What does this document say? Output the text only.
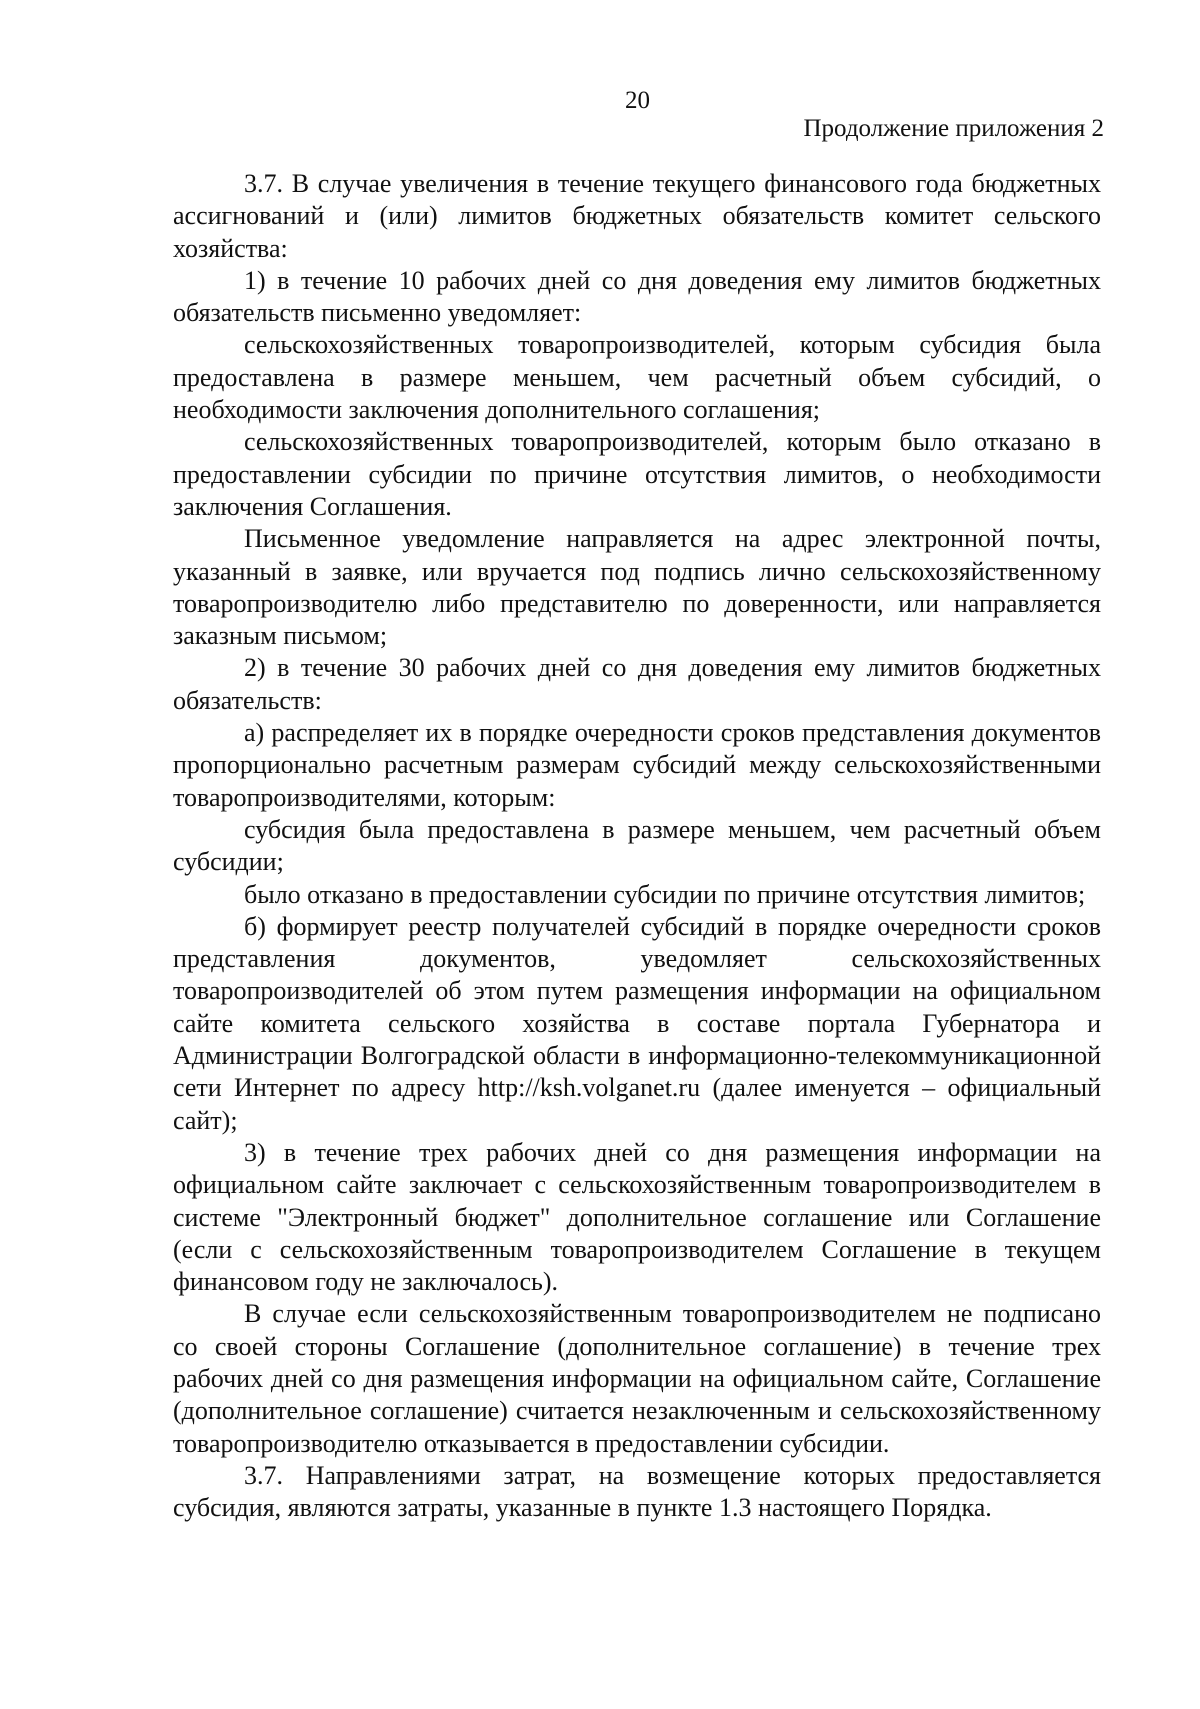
20
Продолжение приложения 2

3.7. В случае увеличения в течение текущего финансового года бюджетных ассигнований и (или) лимитов бюджетных обязательств комитет сельского хозяйства:

1) в течение 10 рабочих дней со дня доведения ему лимитов бюджетных обязательств письменно уведомляет:

сельскохозяйственных товаропроизводителей, которым субсидия была предоставлена в размере меньшем, чем расчетный объем субсидий, о необходимости заключения дополнительного соглашения;

сельскохозяйственных товаропроизводителей, которым было отказано в предоставлении субсидии по причине отсутствия лимитов, о необходимости заключения Соглашения.

Письменное уведомление направляется на адрес электронной почты, указанный в заявке, или вручается под подпись лично сельскохозяйственному товаропроизводителю либо представителю по доверенности, или направляется заказным письмом;

2) в течение 30 рабочих дней со дня доведения ему лимитов бюджетных обязательств:

а) распределяет их в порядке очередности сроков представления документов пропорционально расчетным размерам субсидий между сельскохозяйственными товаропроизводителями, которым:

субсидия была предоставлена в размере меньшем, чем расчетный объем субсидии;

было отказано в предоставлении субсидии по причине отсутствия лимитов;

б) формирует реестр получателей субсидий в порядке очередности сроков представления документов, уведомляет сельскохозяйственных товаропроизводителей об этом путем размещения информации на официальном сайте комитета сельского хозяйства в составе портала Губернатора и Администрации Волгоградской области в информационно-телекоммуникационной сети Интернет по адресу http://ksh.volganet.ru (далее именуется – официальный сайт);

3) в течение трех рабочих дней со дня размещения информации на официальном сайте заключает с сельскохозяйственным товаропроизводителем в системе "Электронный бюджет" дополнительное соглашение или Соглашение (если с сельскохозяйственным товаропроизводителем Соглашение в текущем финансовом году не заключалось).

В случае если сельскохозяйственным товаропроизводителем не подписано со своей стороны Соглашение (дополнительное соглашение) в течение трех рабочих дней со дня размещения информации на официальном сайте, Соглашение (дополнительное соглашение) считается незаключенным и сельскохозяйственному товаропроизводителю отказывается в предоставлении субсидии.

3.7. Направлениями затрат, на возмещение которых предоставляется субсидия, являются затраты, указанные в пункте 1.3 настоящего Порядка.
